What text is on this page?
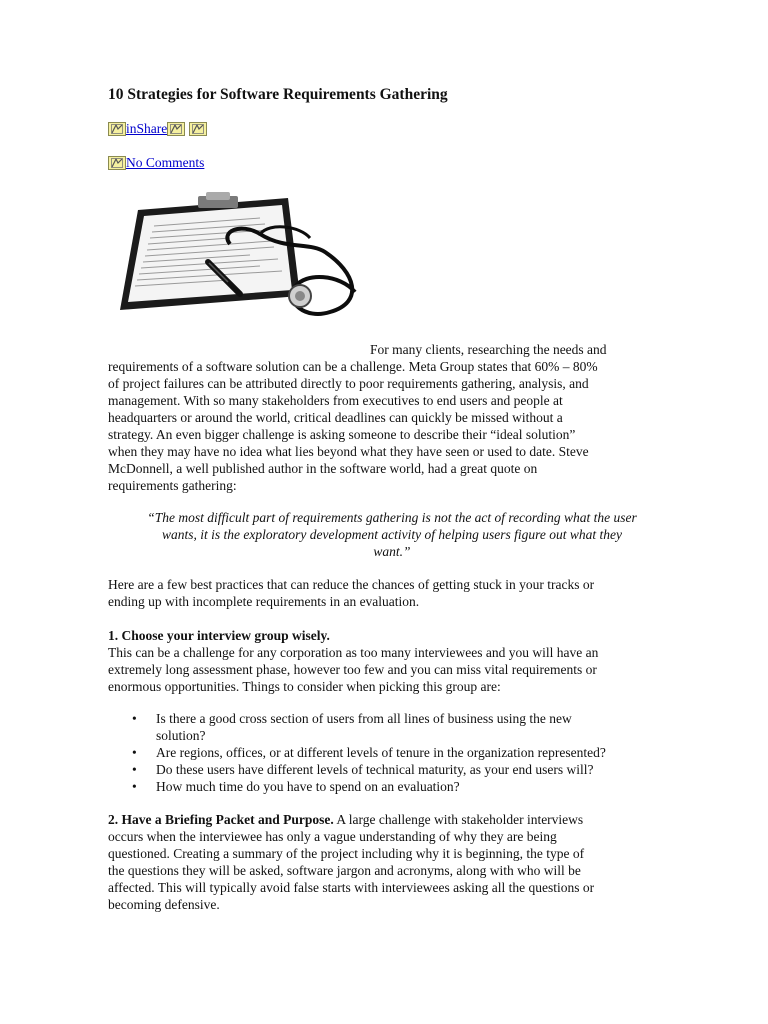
10 Strategies for Software Requirements Gathering
inShare
No Comments

For many clients, researching the needs and

requirements of a software solution can be a challenge. Meta Group states that 60% – 80%

of project failures can be attributed directly to poor requirements gathering, analysis, and

management. With so many stakeholders from executives to end users and people at

headquarters or around the world, critical deadlines can quickly be missed without a

strategy. An even bigger challenge is asking someone to describe their “ideal solution”

when they may have no idea what lies beyond what they have seen or used to date. Steve

McDonnell, a well published author in the software world, had a great quote on

requirements gathering:

“The most difficult part of requirements gathering is not the act of recording what the user
wants, it is the exploratory development activity of helping users figure out what they
want.”

Here are a few best practices that can reduce the chances of getting stuck in your tracks or

ending up with incomplete requirements in an evaluation.

1. Choose your interview group wisely.

This can be a challenge for any corporation as too many interviewees and you will have an

extremely long assessment phase, however too few and you can miss vital requirements or

enormous opportunities. Things to consider when picking this group are:

• Is there a good cross section of users from all lines of business using the new
solution?
• Are regions, offices, or at different levels of tenure in the organization represented?
• Do these users have different levels of technical maturity, as your end users will?
• How much time do you have to spend on an evaluation?

2. Have a Briefing Packet and Purpose. A large challenge with stakeholder interviews

occurs when the interviewee has only a vague understanding of why they are being

questioned. Creating a summary of the project including why it is beginning, the type of

the questions they will be asked, software jargon and acronyms, along with who will be

affected. This will typically avoid false starts with interviewees asking all the questions or

becoming defensive.
